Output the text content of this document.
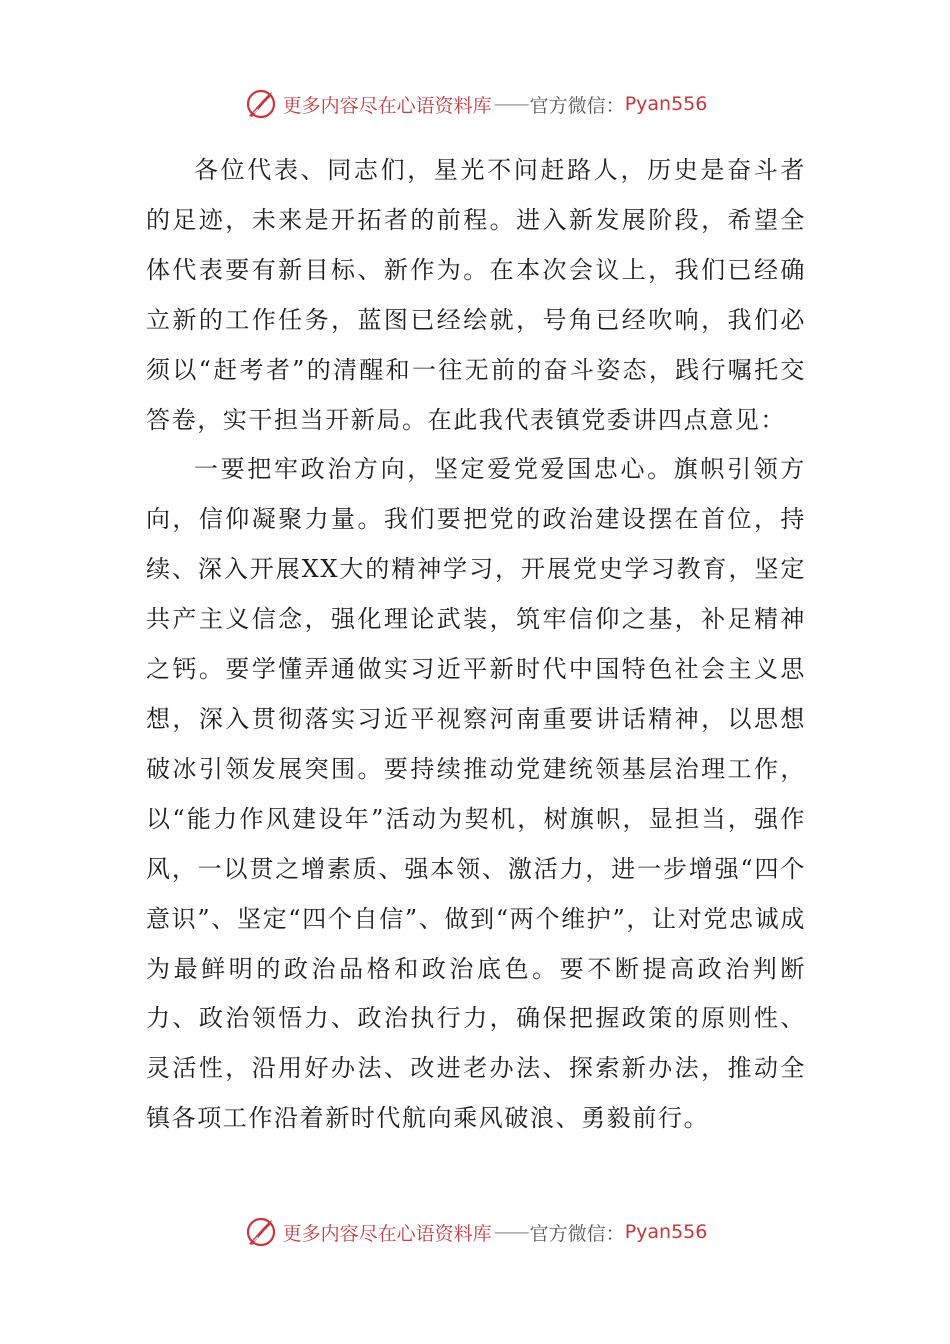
更多内容尽在心语资料库 —— 官方微信： Pyan556

各位代表、同志们，星光不问赶路人，历史是奋斗者的足迹，未来是开拓者的前程。进入新发展阶段，希望全体代表要有新目标、新作为。在本次会议上，我们已经确立新的工作任务，蓝图已经绘就，号角已经吹响，我们必须以“赶考者”的清醒和一往无前的奋斗姿态，践行嘱托交答卷，实干担当开新局。在此我代表镇党委讲四点意见：

一要把牢政治方向，坚定爱党爱国忠心。旗帜引领方向，信仰凝聚力量。我们要把党的政治建设摆在首位，持续、深入开展XX大的精神学习，开展党史学习教育，坚定共产主义信念，强化理论武装，筑牢信仰之基，补足精神之钙。要学懂弄通做实习近平新时代中国特色社会主义思想，深入贯彻落实习近平视察河南重要讲话精神，以思想破冰引领发展突围。要持续推动党建统领基层治理工作，以“能力作风建设年”活动为契机，树旗帜，显担当，强作风，一以贯之增素质、强本领、激活力，进一步增强“四个意识”、坚定“四个自信”、做到“两个维护”，让对党忠诚成为最鲜明的政治品格和政治底色。要不断提高政治判断力、政治领悟力、政治执行力，确保把握政策的原则性、灵活性，沿用好办法、改进老办法、探索新办法，推动全镇各项工作沿着新时代航向乘风破浪、勇毅前行。

更多内容尽在心语资料库 —— 官方微信： Pyan556
